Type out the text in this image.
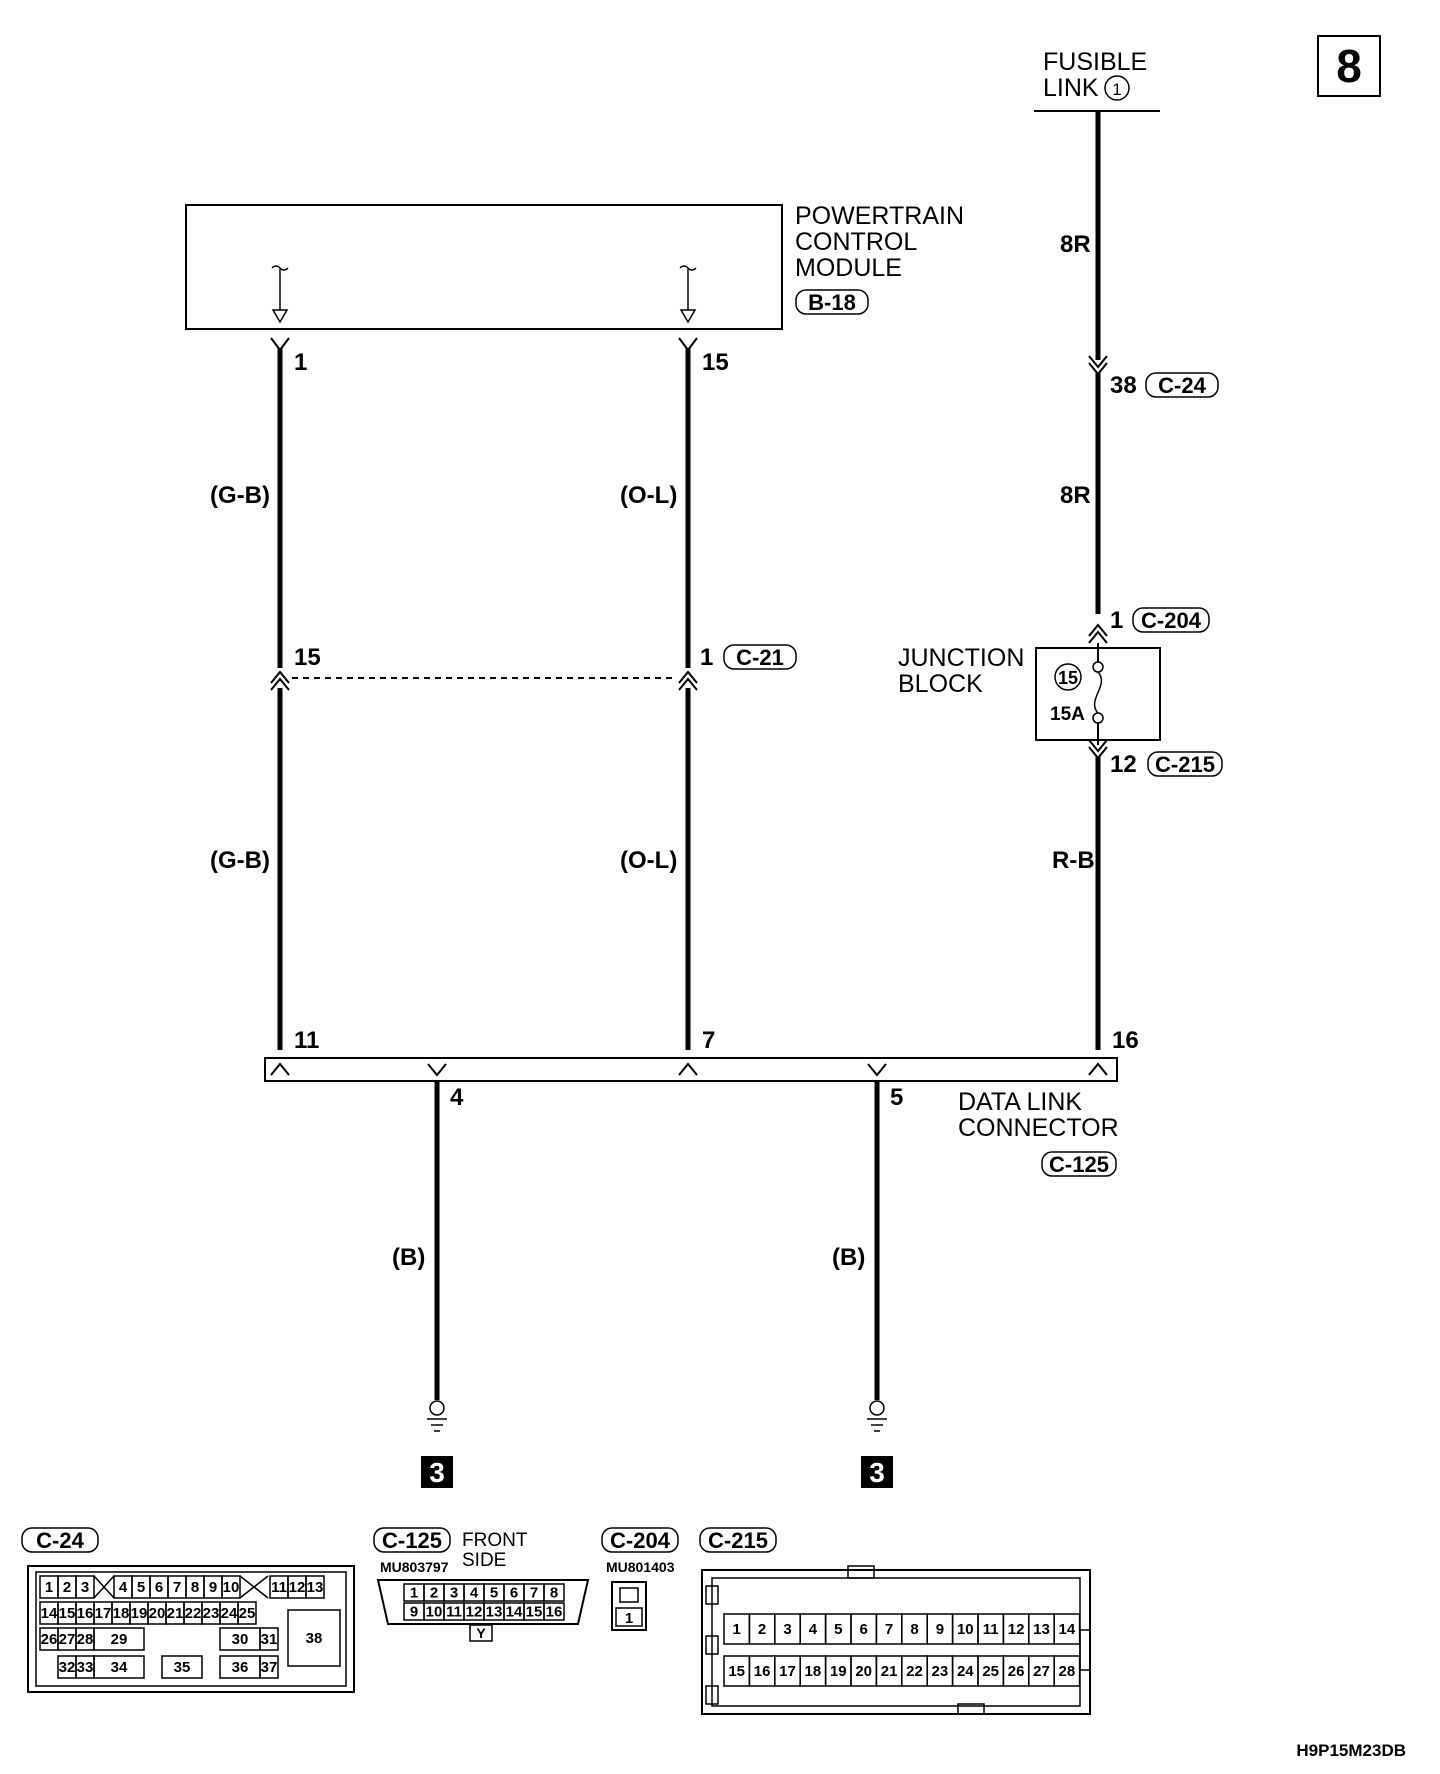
8
FUSIBLE
LINK 1
POWERTRAIN
CONTROL
MODULE
B-18
1
(G-B)
15
(G-B)
11
15
(O-L)
1 C-21
(O-L)
7
8R
38 C-24
8R
1 C-204
JUNCTION
BLOCK	15
15A
12 C-215
R-B
16
DATA LINK
CONNECTOR
C-125
4
(B)
3
5
(B)
3
C-24
1 2 3 4 5 6 7 8 9 10 11 12 13
14 15 16 17 18 19 20 21 22 23 24 25
26 27 28 29	30 31
32 33 34	35	36 37
38
C-125 FRONT
SIDE
MU803797
1 2 3 4 5 6 7 8
9 10 11 12 13 14 15 16
Y
C-204
MU801403
1
C-215
1 2 3 4 5 6 7 8 9 10 11 12 13 14
15 16 17 18 19 20 21 22 23 24 25 26 27 28
H9P15M23DB
